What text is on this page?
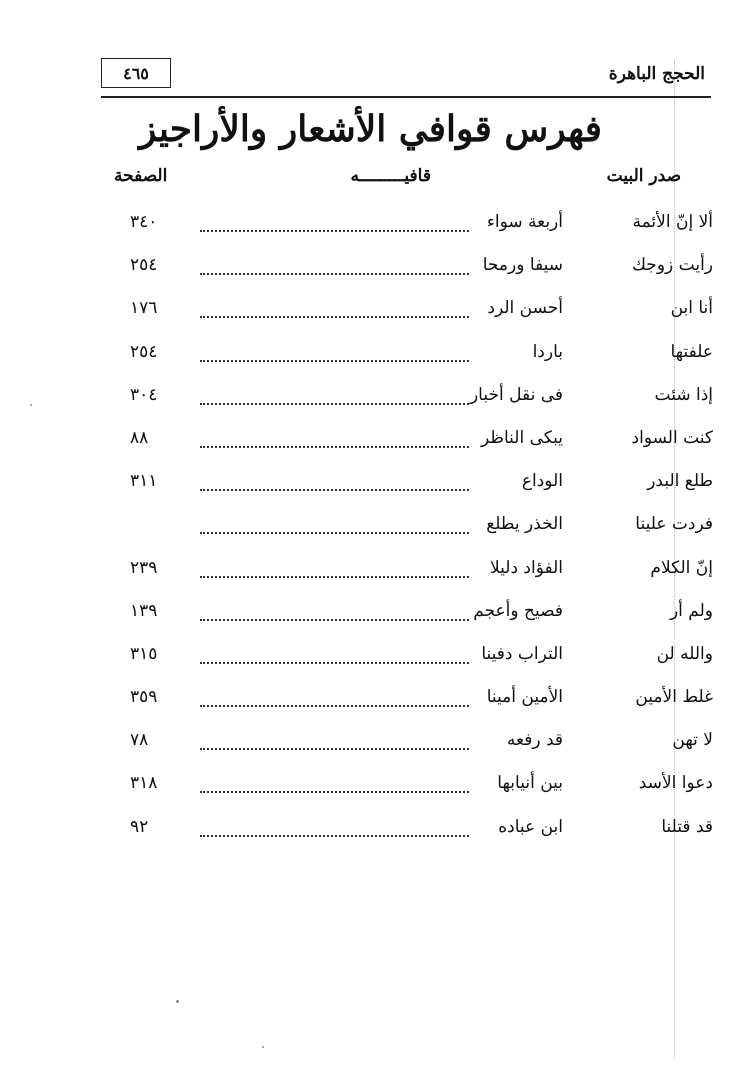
الحجج الباهرة
٤٦٥
فهرس قوافي الأشعار والأراجيز
صدر البيت
قافيـــــــــه
الصفحة
ألا إنّ الأئمة
أربعة سواء
٣٤٠
رأيت زوجك
سيفا ورمحا
٢٥٤
أنا ابن
أحسن الرد
١٧٦
علفتها
باردا
٢٥٤
إذا شئت
فى نقل أخبار
٣٠٤
كنت السواد
يبكى الناظر
٨٨
طلع البدر
الوداع
٣١١
فردت علينا
الخذر يطلع
إنّ الكلام
الفؤاد دليلا
٢٣٩
ولم أر
فصيح وأعجم
١٣٩
والله لن
التراب دفينا
٣١٥
غلط الأمين
الأمين أمينا
٣٥٩
لا تهن
قد رفعه
٧٨
دعوا الأسد
بين أنيابها
٣١٨
قد قتلنا
ابن عباده
٩٢
